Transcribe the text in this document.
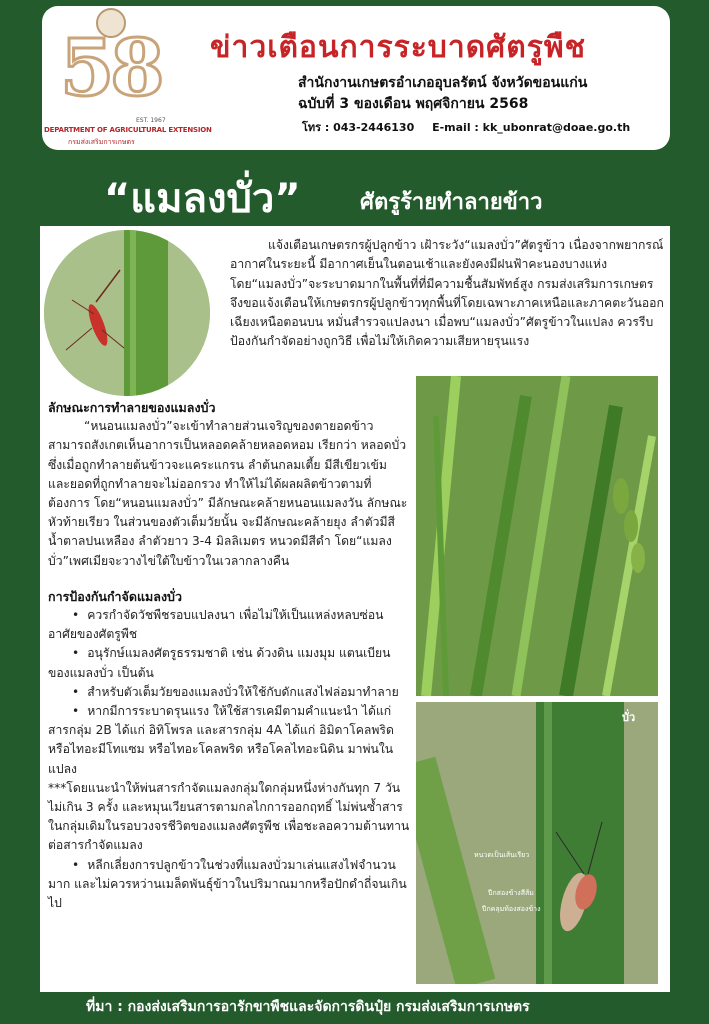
58
EST. 1967
DEPARTMENT OF AGRICULTURAL EXTENSION
กรมส่งเสริมการเกษตร
ข่าวเตือนการระบาดศัตรูพืช
สำนักงานเกษตรอำเภออุบลรัตน์ จังหวัดขอนแก่น
ฉบับที่ 3 ของเดือน พฤศจิกายน 2568
โทร : 043-2446130 E-mail : kk_ubonrat@doae.go.th
“แมลงบั่ว”	ศัตรูร้ายทำลายข้าว
แจ้งเตือนเกษตรกรผู้ปลูกข้าว เฝ้าระวัง“แมลงบั่ว”ศัตรูข้าว เนื่องจากพยากรณ์อากาศในระยะนี้ มีอากาศเย็นในตอนเช้าและยังคงมีฝนฟ้าคะนองบางแห่ง โดย“แมลงบั่ว”จะระบาดมากในพื้นที่ที่มีความชื้นสัมพัทธ์สูง กรมส่งเสริมการเกษตรจึงขอแจ้งเตือนให้เกษตรกรผู้ปลูกข้าวทุกพื้นที่โดยเฉพาะภาคเหนือและภาคตะวันออกเฉียงเหนือตอนบน หมั่นสำรวจแปลงนา เมื่อพบ“แมลงบั่ว”ศัตรูข้าวในแปลง ควรรีบป้องกันกำจัดอย่างถูกวิธี เพื่อไม่ให้เกิดความเสียหายรุนแรง
ลักษณะการทำลายของแมลงบั่ว
“หนอนแมลงบั่ว”จะเข้าทำลายส่วนเจริญของตายอดข้าว สามารถสังเกตเห็นอาการเป็นหลอดคล้ายหลอดหอม เรียกว่า หลอดบั่ว ซึ่งเมื่อถูกทำลายต้นข้าวจะแคระแกรน ลำต้นกลมเตี้ย มีสีเขียวเข้ม และยอดที่ถูกทำลายจะไม่ออกรวง ทำให้ไม่ได้ผลผลิตข้าวตามที่ต้องการ โดย“หนอนแมลงบั่ว” มีลักษณะคล้ายหนอนแมลงวัน ลักษณะหัวท้ายเรียว ในส่วนของตัวเต็มวัยนั้น จะมีลักษณะคล้ายยุง ลำตัวมีสีน้ำตาลปนเหลือง ลำตัวยาว 3-4 มิลลิเมตร หนวดมีสีดำ โดย“แมลงบั่ว”เพศเมียจะวางไข่ใต้ใบข้าวในเวลากลางคืน
การป้องกันกำจัดแมลงบั่ว
• ควรกำจัดวัชพืชรอบแปลงนา เพื่อไม่ให้เป็นแหล่งหลบซ่อนอาศัยของศัตรูพืช
• อนุรักษ์แมลงศัตรูธรรมชาติ เช่น ด้วงดิน แมงมุม แตนเบียนของแมลงบั่ว เป็นต้น
• สำหรับตัวเต็มวัยของแมลงบั่วให้ใช้กับดักแสงไฟล่อมาทำลาย
• หากมีการระบาดรุนแรง ให้ใช้สารเคมีตามคำแนะนำ ได้แก่ สารกลุ่ม 2B ได้แก่ อิทิโพรล และสารกลุ่ม 4A ได้แก่ อิมิดาโคลพริด หรือไทอะมีโทแซม หรือไทอะโคลพริด หรือโคลไทอะนิดิน มาพ่นในแปลง
***โดยแนะนำให้พ่นสารกำจัดแมลงกลุ่มใดกลุ่มหนึ่งห่างกันทุก 7 วันไม่เกิน 3 ครั้ง และหมุนเวียนสารตามกลไกการออกฤทธิ์ ไม่พ่นซ้ำสารในกลุ่มเดิมในรอบวงจรชีวิตของแมลงศัตรูพืช เพื่อชะลอความต้านทานต่อสารกำจัดแมลง
• หลีกเลี่ยงการปลูกข้าวในช่วงที่แมลงบั่วมาเล่นแสงไฟจำนวนมาก และไม่ควรหว่านเมล็ดพันธุ์ข้าวในปริมาณมากหรือปักดำถี่จนเกินไป
บั่ว
หนวดเป็นเส้นเรียว
ปีกสองข้างสีส้ม
ปีกคลุมท้องสองข้าง
ที่มา : กองส่งเสริมการอารักขาพืชและจัดการดินปุ๋ย กรมส่งเสริมการเกษตร
